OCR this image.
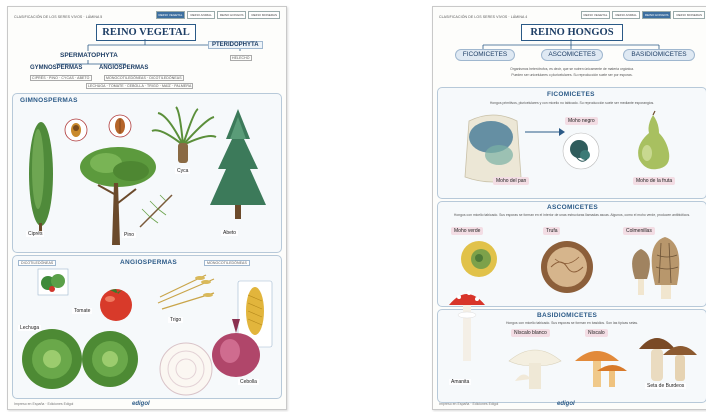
CLASIFICACIÓN DE LOS SERES VIVOS · LÁMINA 5	REINO VEGETAL	REINO ANIMAL	REINO HONGOS	REINO MONERAS
REINO VEGETAL
SPERMATOPHYTA
PTERIDOPHYTA
GYMNOSPERMAS	ANGIOSPERMAS
CIPRÉS · PINO · CYCAS · ABETO
HELECHO
MONOCOTILEDÓNEAS · DICOTILEDÓNEAS
LECHUGA · TOMATE · CEBOLLA · TRIGO · MAÍZ · PALMERA
GIMNOSPERMAS
Ciprés	Pino
Cyca
Abeto
ANGIOSPERMAS
DICOTILEDÓNEAS	MONOCOTILEDÓNEAS
Tomate
Lechuga
Trigo
Cebolla
Impreso en España · Ediciones Edigol	edigol
CLASIFICACIÓN DE LOS SERES VIVOS · LÁMINA 4	REINO VEGETAL	REINO ANIMAL	REINO HONGOS	REINO MONERAS
REINO HONGOS
FICOMICETES	ASCOMICETES	BASIDIOMICETES
Organismos heterótrofos, es decir, que se nutren únicamente de materia orgánica.
Pueden ser unicelulares o pluricelulares. Su reproducción suele ser por esporas.
FICOMICETES
Hongos primitivos, pluricelulares y con micelio no tabicado. Su reproducción suele ser mediante esporangios.
Moho del pan
Moho negro
Moho de la fruta
ASCOMICETES
Hongos con micelio tabicado. Sus esporas se forman en el interior de unas estructuras llamadas ascas. Algunos, como el moho verde, producen antibióticos.
Moho verde	Trufa	Colmenillas
BASIDIOMICETES
Hongos con micelio tabicado. Sus esporas se forman en basidios. Son las típicas setas.
Amanita
Níscalo blanco	Níscalo
Seta de Burdeos
Impreso en España · Ediciones Edigol	edigol
